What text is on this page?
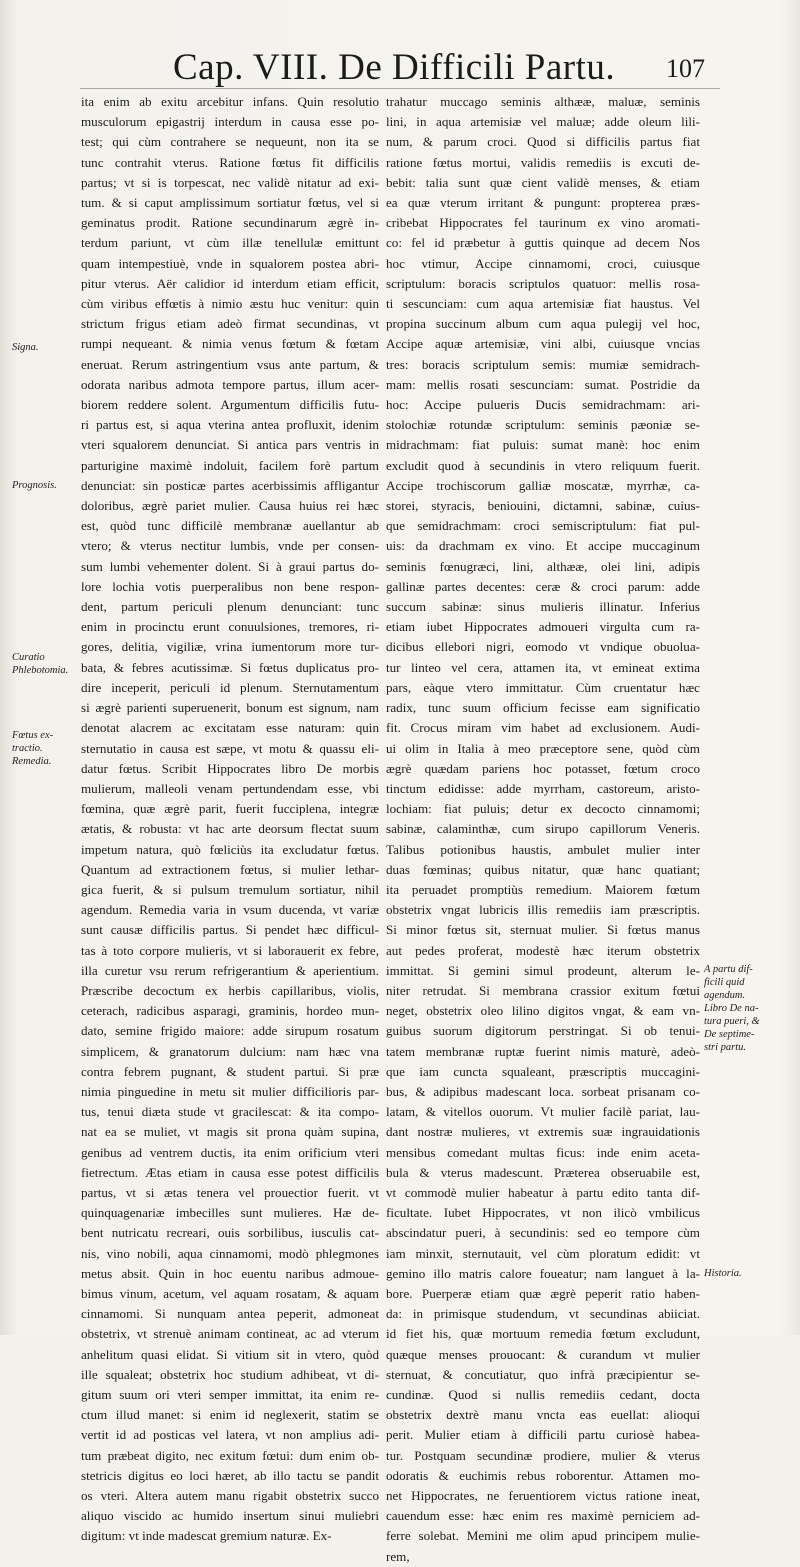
Cap. VIII. De Difficili Partu. 107
ita enim ab exitu arcebitur infans. Quin resolutio
musculorum epigastrij interdum in causa esse po-
test; qui cùm contrahere se nequeunt, non ita se
tunc contrahit vterus. Ratione fœtus fit difficilis
partus; vt si is torpescat, nec validè nitatur ad exi-
tum. & si caput amplissimum sortiatur fœtus, vel si
geminatus prodit. Ratione secundinarum ægrè in-
terdum pariunt, vt cùm illæ tenellulæ emittunt
quam intempestiuè, vnde in squalorem postea abri-
pitur vterus. Aër calidior id interdum etiam efficit,
cùm viribus effœtis à nimio æstu huc venitur: quin
strictum frigus etiam adeò firmat secundinas, vt
rumpi nequeant. & nimia venus fœtum & fœtam
eneruat. Rerum astringentium vsus ante partum, &
odorata naribus admota tempore partus, illum acer-
biorem reddere solent. Argumentum difficilis futu-
ri partus est, si aqua vterina antea profluxit, idenim
vteri squalorem denunciat. Si antica pars ventris in
parturigine maximè indoluit, facilem forè partum
denunciat: sin posticæ partes acerbissimis affligantur
doloribus, ægrè pariet mulier. Causa huius rei hæc
est, quòd tunc difficilè membranæ auellantur ab
vtero; & vterus nectitur lumbis, vnde per consen-
sum lumbi vehementer dolent. Si à graui partus do-
lore lochia votis puerperalibus non bene respon-
dent, partum periculi plenum denunciant: tunc
enim in procinctu erunt conuulsiones, tremores, ri-
gores, delitia, vigiliæ, vrina iumentorum more tur-
bata, & febres acutissimæ. Si fœtus duplicatus pro-
dire inceperit, periculi id plenum. Sternutamentum
si ægrè parienti superuenerit, bonum est signum, nam
denotat alacrem ac excitatam esse naturam: quin
sternutatio in causa est sæpe, vt motu & quassu eli-
datur fœtus. Scribit Hippocrates libro De morbis
mulierum, malleoli venam pertundendam esse, vbi
fœmina, quæ ægrè parit, fuerit fucciplena, integræ
ætatis, & robusta: vt hac arte deorsum flectat suum
impetum natura, quò fœliciùs ita excludatur fœtus.
Quantum ad extractionem fœtus, si mulier lethar-
gica fuerit, & si pulsum tremulum sortiatur, nihil
agendum. Remedia varia in vsum ducenda, vt variæ
sunt causæ difficilis partus. Si pendet hæc difficul-
tas à toto corpore mulieris, vt si laborauerit ex febre,
illa curetur vsu rerum refrigerantium & aperientium.
Præscribe decoctum ex herbis capillaribus, violis,
ceterach, radicibus asparagi, graminis, hordeo mun-
dato, semine frigido maiore: adde sirupum rosatum
simplicem, & granatorum dulcium: nam hæc vna
contra febrem pugnant, & student partui. Si præ
nimia pinguedine in metu sit mulier difficilioris par-
tus, tenui diæta stude vt gracilescat: & ita compo-
nat ea se muliet, vt magis sit prona quàm supina,
genibus ad ventrem ductis, ita enim orificium vteri
fietrectum. Ætas etiam in causa esse potest difficilis
partus, vt si ætas tenera vel prouectior fuerit. vt
quinquagenariæ imbecilles sunt mulieres. Hæ de-
bent nutricatu recreari, ouis sorbilibus, iusculis cat-
nis, vino nobili, aqua cinnamomi, modò phlegmones
metus absit. Quin in hoc euentu naribus admoue-
bimus vinum, acetum, vel aquam rosatam, & aquam
cinnamomi. Si nunquam antea peperit, admoneat
obstetrix, vt strenuè animam contineat, ac ad vterum
anhelitum quasi elidat. Si vitium sit in vtero, quòd
ille squaleat; obstetrix hoc studium adhibeat, vt di-
gitum suum ori vteri semper immittat, ita enim re-
ctum illud manet: si enim id neglexerit, statim se
vertit id ad posticas vel latera, vt non amplius adi-
tum præbeat digito, nec exitum fœtui: dum enim ob-
stetricis digitus eo loci hæret, ab illo tactu se pandit
os vteri. Altera autem manu rigabit obstetrix succo
aliquo viscido ac humido insertum sinui muliebri
digitum: vt inde madescat gremium naturæ. Ex-
trahatur muccago seminis althææ, maluæ, seminis
lini, in aqua artemisiæ vel maluæ; adde oleum lili-
num, & parum croci. Quod si difficilis partus fiat
ratione fœtus mortui, validis remediis is excuti de-
bebit: talia sunt quæ cient validè menses, & etiam
ea quæ vterum irritant & pungunt: propterea præs-
cribebat Hippocrates fel taurinum ex vino aromati-
co: fel id præbetur à guttis quinque ad decem Nos
hoc vtimur, Accipe cinnamomi, croci, cuiusque
scriptulum: boracis scriptulos quatuor: mellis rosa-
ti sescunciam: cum aqua artemisiæ fiat haustus. Vel
propina succinum album cum aqua pulegij vel hoc,
Accipe aquæ artemisiæ, vini albi, cuiusque vncias
tres: boracis scriptulum semis: mumiæ semidrach-
mam: mellis rosati sescunciam: sumat. Postridie da
hoc: Accipe pulueris Ducis semidrachmam: ari-
stolochiæ rotundæ scriptulum: seminis pæoniæ se-
midrachmam: fiat puluis: sumat manè: hoc enim
excludit quod à secundinis in vtero reliquum fuerit.
Accipe trochiscorum galliæ moscatæ, myrrhæ, ca-
storei, styracis, beniouini, dictamni, sabinæ, cuius-
que semidrachmam: croci semiscriptulum: fiat pul-
uis: da drachmam ex vino. Et accipe muccaginum
seminis fœnugræci, lini, althææ, olei lini, adipis
gallinæ partes decentes: ceræ & croci parum: adde
succum sabinæ: sinus mulieris illinatur. Inferius
etiam iubet Hippocrates admoueri virgulta cum ra-
dicibus ellebori nigri, eomodo vt vndique obuolua-
tur linteo vel cera, attamen ita, vt emineat extima
pars, eàque vtero immittatur. Cùm cruentatur hæc
radix, tunc suum officium fecisse eam significatio
fit. Crocus miram vim habet ad exclusionem. Audi-
ui olim in Italia à meo præceptore sene, quòd cùm
ægrè quædam pariens hoc potasset, fœtum croco
tinctum edidisse: adde myrrham, castoreum, aristo-
lochiam: fiat puluis; detur ex decocto cinnamomi;
sabinæ, calaminthæ, cum sirupo capillorum Veneris.
Talibus potionibus haustis, ambulet mulier inter
duas fœminas; quibus nitatur, quæ hanc quatiant;
ita peruadet promptiùs remedium. Maiorem fœtum
obstetrix vngat lubricis illis remediis iam præscriptis.
Si minor fœtus sit, sternuat mulier. Si fœtus manus
aut pedes proferat, modestè hæc iterum obstetrix
immittat. Si gemini simul prodeunt, alterum le-
niter retrudat. Si membrana crassior exitum fœtui
neget, obstetrix oleo lilino digitos vngat, & eam vn-
guibus suorum digitorum perstringat. Si ob tenui-
tatem membranæ ruptæ fuerint nimis maturè, adeò-
que iam cuncta squaleant, præscriptis muccagini-
bus, & adipibus madescant loca. sorbeat prisanam co-
latam, & vitellos ouorum. Vt mulier facilè pariat, lau-
dant nostræ mulieres, vt extremis suæ ingrauidationis
mensibus comedant multas ficus: inde enim aceta-
bula & vterus madescunt. Præterea obseruabile est,
vt commodè mulier habeatur à partu edito tanta dif-
ficultate. Iubet Hippocrates, vt non ilicò vmbilicus
abscindatur pueri, à secundinis: sed eo tempore cùm
iam minxit, sternutauit, vel cùm ploratum edidit: vt
gemino illo matris calore foueatur; nam languet à la-
bore. Puerperæ etiam quæ ægrè peperit ratio haben-
da: in primisque studendum, vt secundinas abiiciat.
id fiet his, quæ mortuum remedia fœtum excludunt,
quæque menses prouocant: & curandum vt mulier
sternuat, & concutiatur, quo infrà præcipientur se-
cundinæ. Quod si nullis remediis cedant, docta
obstetrix dextrè manu vncta eas euellat: alioqui
perit. Mulier etiam à difficili partu curiosè habea-
tur. Postquam secundinæ prodiere, mulier & vterus
odoratis & euchimis rebus roborentur. Attamen mo-
net Hippocrates, ne feruentiorem victus ratione ineat,
cauendum esse: hæc enim res maximè perniciem ad-
ferre solebat. Memini me olim apud principem mulie-
rem,
Signa.
Prognosis.
Curatio
Phlebotomia.
Fœtus ex-
tractio.
Remedia.
A partu dif-
ficili quid
agendum.
Libro De na-
tura pueri, &
De septime-
stri partu.
Historia.
